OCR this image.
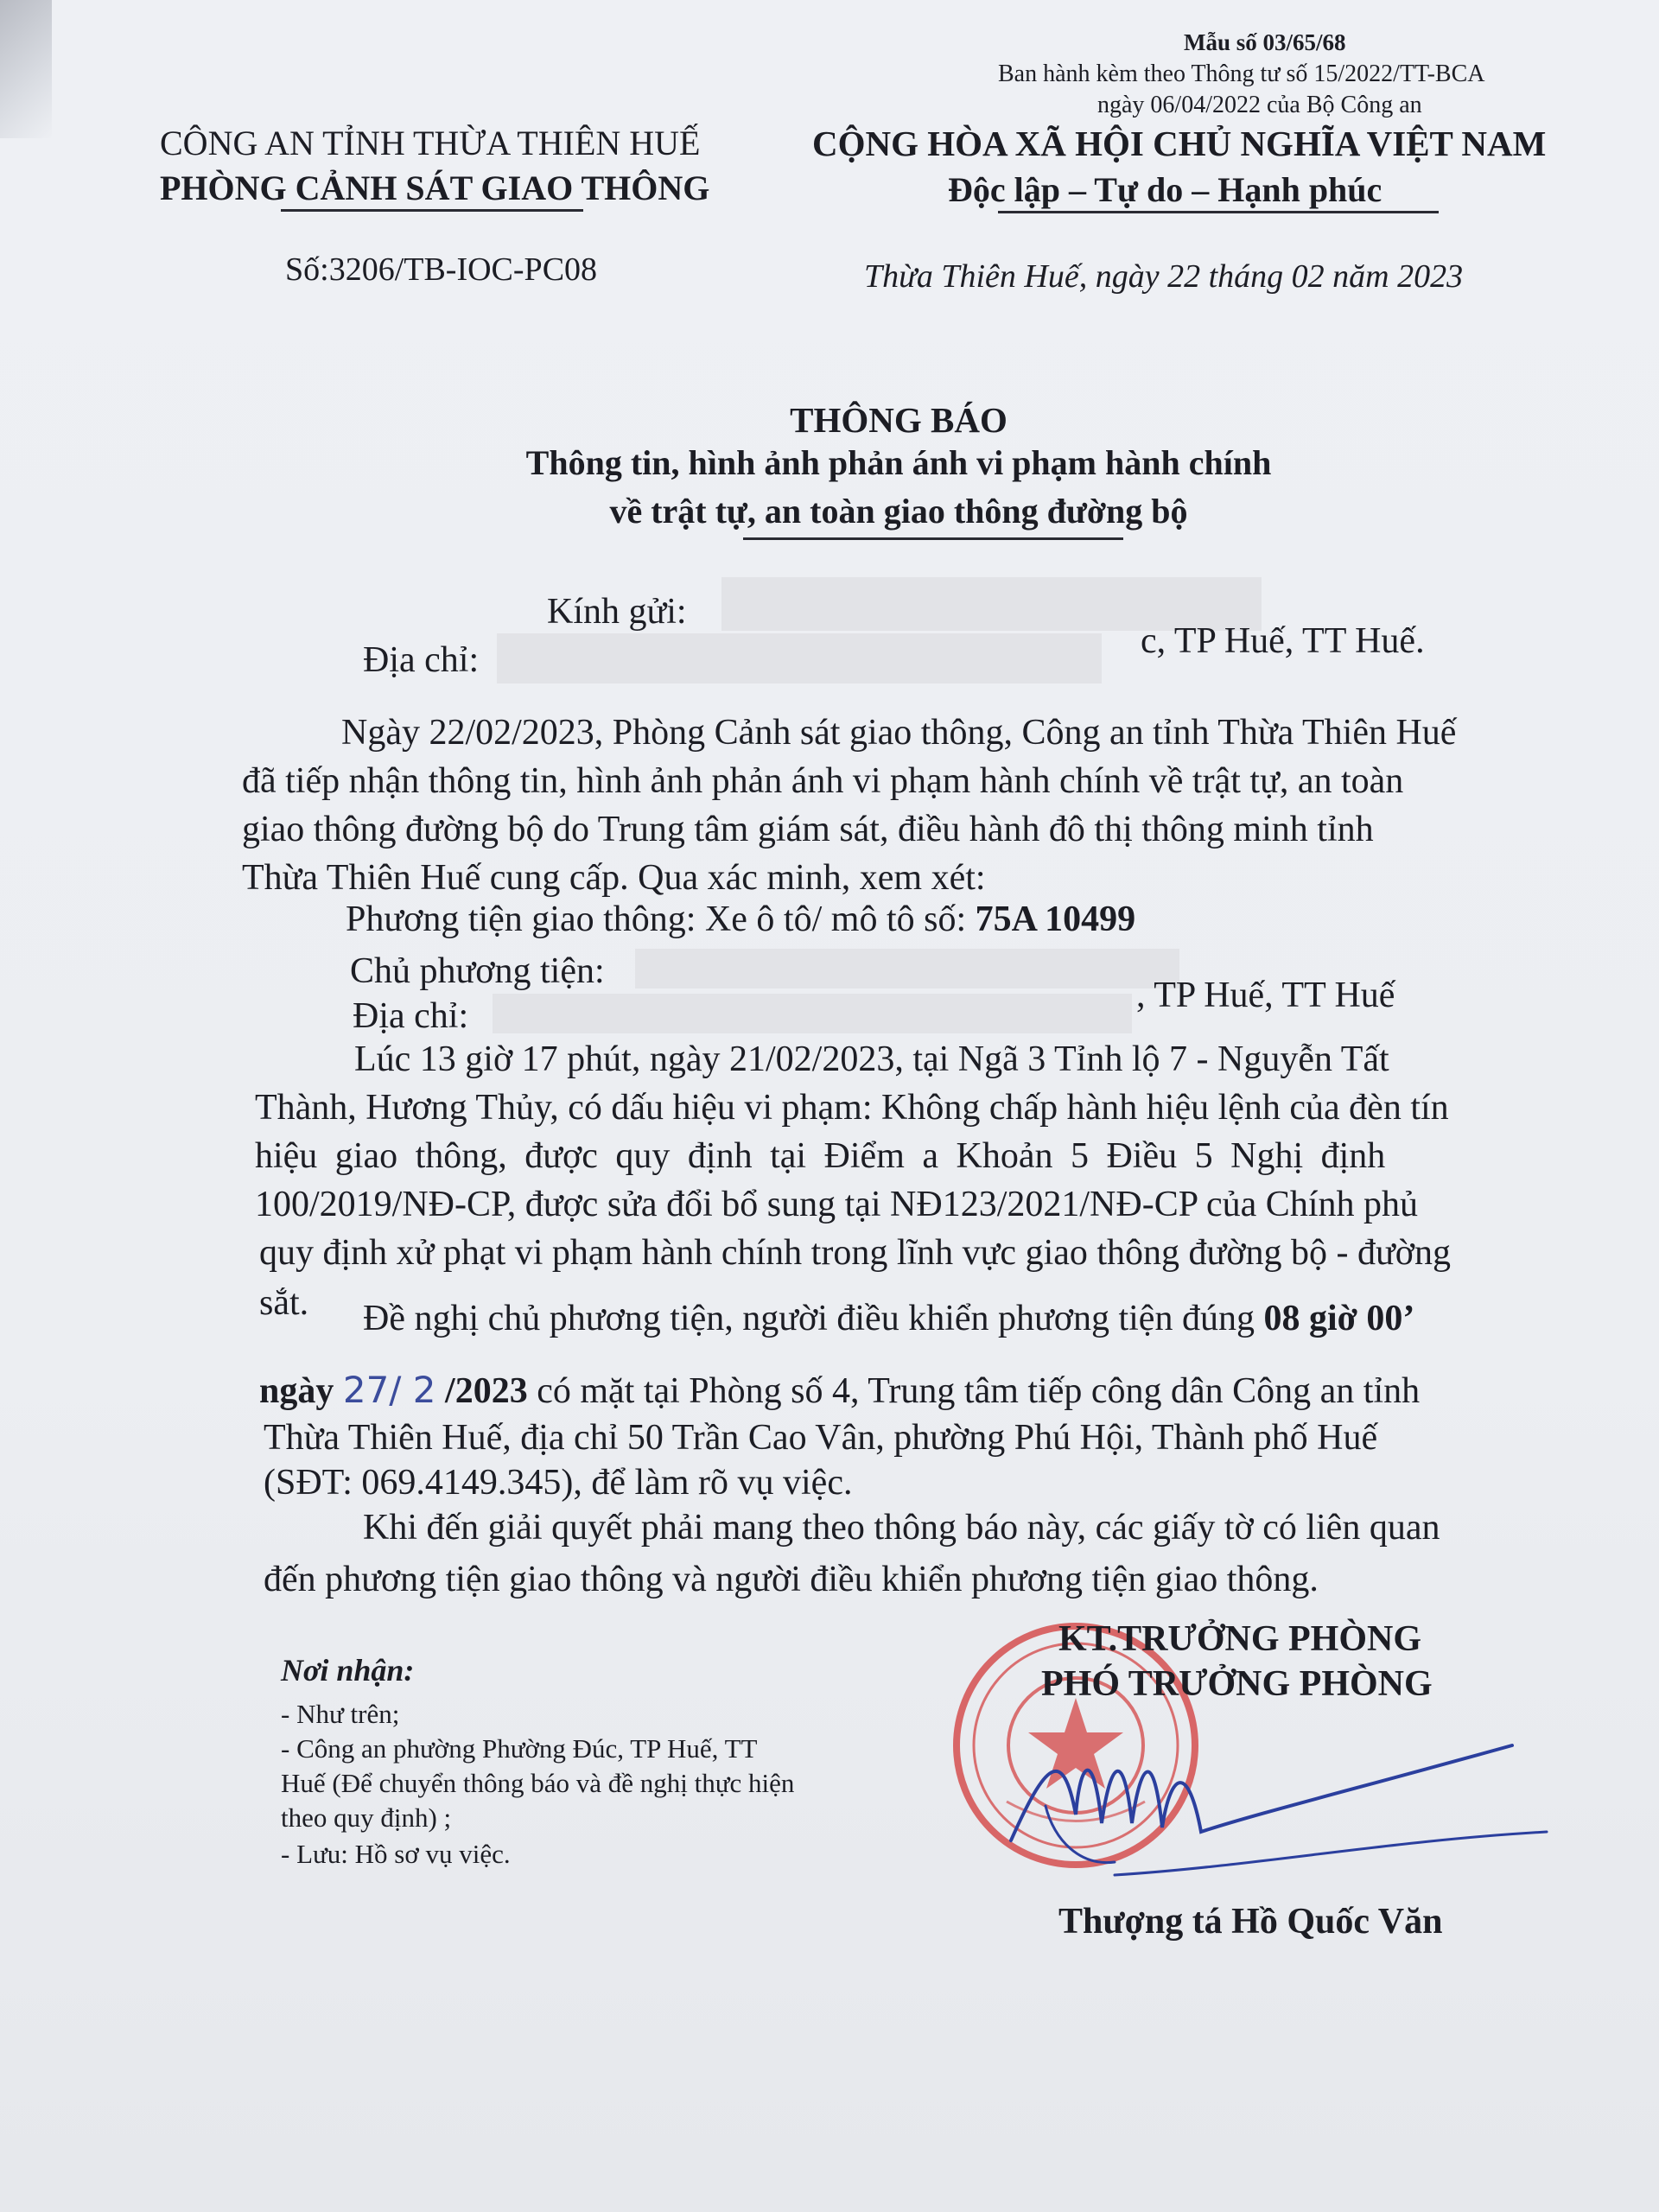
Mẫu số 03/65/68
Ban hành kèm theo Thông tư số 15/2022/TT-BCA
ngày 06/04/2022 của Bộ Công an
CÔNG AN TỈNH THỪA THIÊN HUẾ
PHÒNG CẢNH SÁT GIAO THÔNG
CỘNG HÒA XÃ HỘI CHỦ NGHĨA VIỆT NAM
Độc lập – Tự do – Hạnh phúc
Số:3206/TB-IOC-PC08	Thừa Thiên Huế, ngày 22 tháng 02 năm 2023
THÔNG BÁO
Thông tin, hình ảnh phản ánh vi phạm hành chính
về trật tự, an toàn giao thông đường bộ
Kính gửi:
Địa chỉ:	c, TP Huế, TT Huế.
Ngày 22/02/2023, Phòng Cảnh sát giao thông, Công an tỉnh Thừa Thiên Huế
đã tiếp nhận thông tin, hình ảnh phản ánh vi phạm hành chính về trật tự, an toàn
giao thông đường bộ do Trung tâm giám sát, điều hành đô thị thông minh tỉnh
Thừa Thiên Huế cung cấp. Qua xác minh, xem xét:
Phương tiện giao thông: Xe ô tô/ mô tô số: 75A 10499
Chủ phương tiện:
Địa chỉ:
, TP Huế, TT Huế
Lúc 13 giờ 17 phút, ngày 21/02/2023, tại Ngã 3 Tỉnh lộ 7 - Nguyễn Tất
Thành, Hương Thủy, có dấu hiệu vi phạm: Không chấp hành hiệu lệnh của đèn tín
hiệu giao thông, được quy định tại Điểm a Khoản 5 Điều 5 Nghị định
100/2019/NĐ-CP, được sửa đổi bổ sung tại NĐ123/2021/NĐ-CP của Chính phủ
quy định xử phạt vi phạm hành chính trong lĩnh vực giao thông đường bộ - đường
sắt. Đề nghị chủ phương tiện, người điều khiển phương tiện đúng 08 giờ 00’
ngày 27/ 2 /2023 có mặt tại Phòng số 4, Trung tâm tiếp công dân Công an tỉnh
Thừa Thiên Huế, địa chỉ 50 Trần Cao Vân, phường Phú Hội, Thành phố Huế
(SĐT: 069.4149.345), để làm rõ vụ việc.
Khi đến giải quyết phải mang theo thông báo này, các giấy tờ có liên quan
đến phương tiện giao thông và người điều khiển phương tiện giao thông.
Nơi nhận:
- Như trên;
- Công an phường Phường Đúc, TP Huế, TT
Huế (Để chuyển thông báo và đề nghị thực hiện
theo quy định) ;
- Lưu: Hồ sơ vụ việc.
KT.TRƯỞNG PHÒNG
PHÓ TRƯỞNG PHÒNG
Thượng tá Hồ Quốc Văn
